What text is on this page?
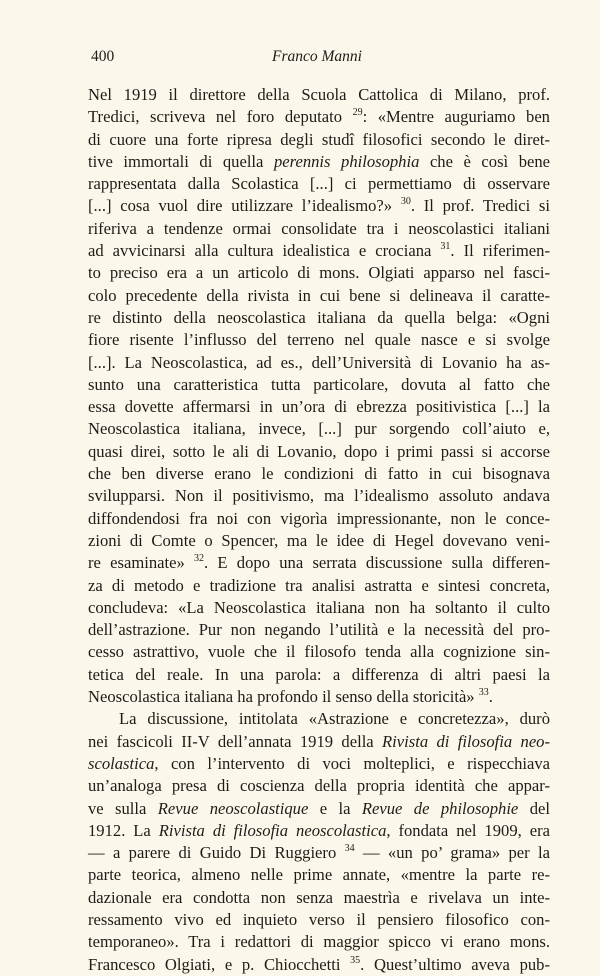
400	Franco Manni
Nel 1919 il direttore della Scuola Cattolica di Milano, prof.
Tredici, scriveva nel foro deputato $^{29}$: «Mentre auguriamo ben
di cuore una forte ripresa degli studî filosofici secondo le diret-
tive immortali di quella perennis philosophia che è così bene
rappresentata dalla Scolastica [...] ci permettiamo di osservare
[...] cosa vuol dire utilizzare l’idealismo?» $^{30}$. Il prof. Tredici si
riferiva a tendenze ormai consolidate tra i neoscolastici italiani
ad avvicinarsi alla cultura idealistica e crociana $^{31}$. Il riferimen-
to preciso era a un articolo di mons. Olgiati apparso nel fasci-
colo precedente della rivista in cui bene si delineava il caratte-
re distinto della neoscolastica italiana da quella belga: «Ogni
fiore risente l’influsso del terreno nel quale nasce e si svolge
[...]. La Neoscolastica, ad es., dell’Università di Lovanio ha as-
sunto una caratteristica tutta particolare, dovuta al fatto che
essa dovette affermarsi in un’ora di ebrezza positivistica [...] la
Neoscolastica italiana, invece, [...] pur sorgendo coll’aiuto e,
quasi direi, sotto le ali di Lovanio, dopo i primi passi si accorse
che ben diverse erano le condizioni di fatto in cui bisognava
svilupparsi. Non il positivismo, ma l’idealismo assoluto andava
diffondendosi fra noi con vigorìa impressionante, non le conce-
zioni di Comte o Spencer, ma le idee di Hegel dovevano veni-
re esaminate» $^{32}$. E dopo una serrata discussione sulla differen-
za di metodo e tradizione tra analisi astratta e sintesi concreta,
concludeva: «La Neoscolastica italiana non ha soltanto il culto
dell’astrazione. Pur non negando l’utilità e la necessità del pro-
cesso astrattivo, vuole che il filosofo tenda alla cognizione sin-
tetica del reale. In una parola: a differenza di altri paesi la
Neoscolastica italiana ha profondo il senso della storicità» $^{33}$.
La discussione, intitolata «Astrazione e concretezza», durò
nei fascicoli II-V dell’annata 1919 della Rivista di filosofia neo-
scolastica, con l’intervento di voci molteplici, e rispecchiava
un’analoga presa di coscienza della propria identità che appar-
ve sulla Revue neoscolastique e la Revue de philosophie del
1912. La Rivista di filosofia neoscolastica, fondata nel 1909, era
— a parere di Guido Di Ruggiero $^{34}$ — «un po’ grama» per la
parte teorica, almeno nelle prime annate, «mentre la parte re-
dazionale era condotta non senza maestrìa e rivelava un inte-
ressamento vivo ed inquieto verso il pensiero filosofico con-
temporaneo». Tra i redattori di maggior spicco vi erano mons.
Francesco Olgiati, e p. Chiocchetti $^{35}$. Quest’ultimo aveva pub-
